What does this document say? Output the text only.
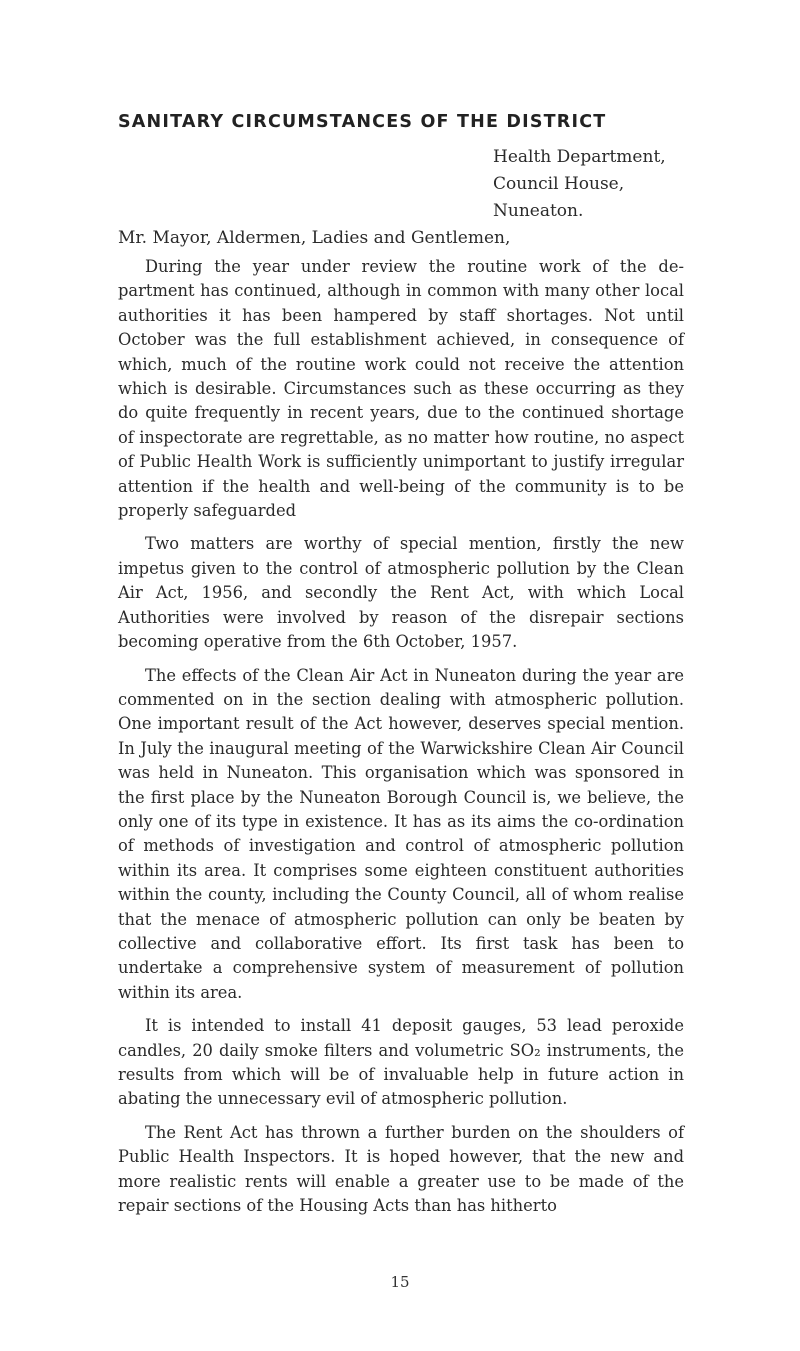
SANITARY CIRCUMSTANCES OF THE DISTRICT
Health Department,
Council House,
Nuneaton.
Mr. Mayor, Aldermen, Ladies and Gentlemen,

During the year under review the routine work of the department has continued, although in common with many other local authorities it has been hampered by staff shortages. Not until October was the full establishment achieved, in consequence of which, much of the routine work could not receive the attention which is desirable. Circumstances such as these occurring as they do quite frequently in recent years, due to the continued shortage of inspectorate are regrettable, as no matter how routine, no aspect of Public Health Work is sufficiently unimportant to justify irregular attention if the health and well-being of the community is to be properly safeguarded

Two matters are worthy of special mention, firstly the new impetus given to the control of atmospheric pollution by the Clean Air Act, 1956, and secondly the Rent Act, with which Local Authorities were involved by reason of the disrepair sections becoming operative from the 6th October, 1957.

The effects of the Clean Air Act in Nuneaton during the year are commented on in the section dealing with atmospheric pollution. One important result of the Act however, deserves special mention. In July the inaugural meeting of the Warwickshire Clean Air Council was held in Nuneaton. This organisation which was sponsored in the first place by the Nuneaton Borough Council is, we believe, the only one of its type in existence. It has as its aims the co-ordination of methods of investigation and control of atmospheric pollution within its area. It comprises some eighteen constituent authorities within the county, including the County Council, all of whom realise that the menace of atmospheric pollution can only be beaten by collective and collaborative effort. Its first task has been to undertake a comprehensive system of measurement of pollution within its area.

It is intended to install 41 deposit gauges, 53 lead peroxide candles, 20 daily smoke filters and volumetric SO₂ instruments, the results from which will be of invaluable help in future action in abating the unnecessary evil of atmospheric pollution.

The Rent Act has thrown a further burden on the shoulders of Public Health Inspectors. It is hoped however, that the new and more realistic rents will enable a greater use to be made of the repair sections of the Housing Acts than has hitherto

15
